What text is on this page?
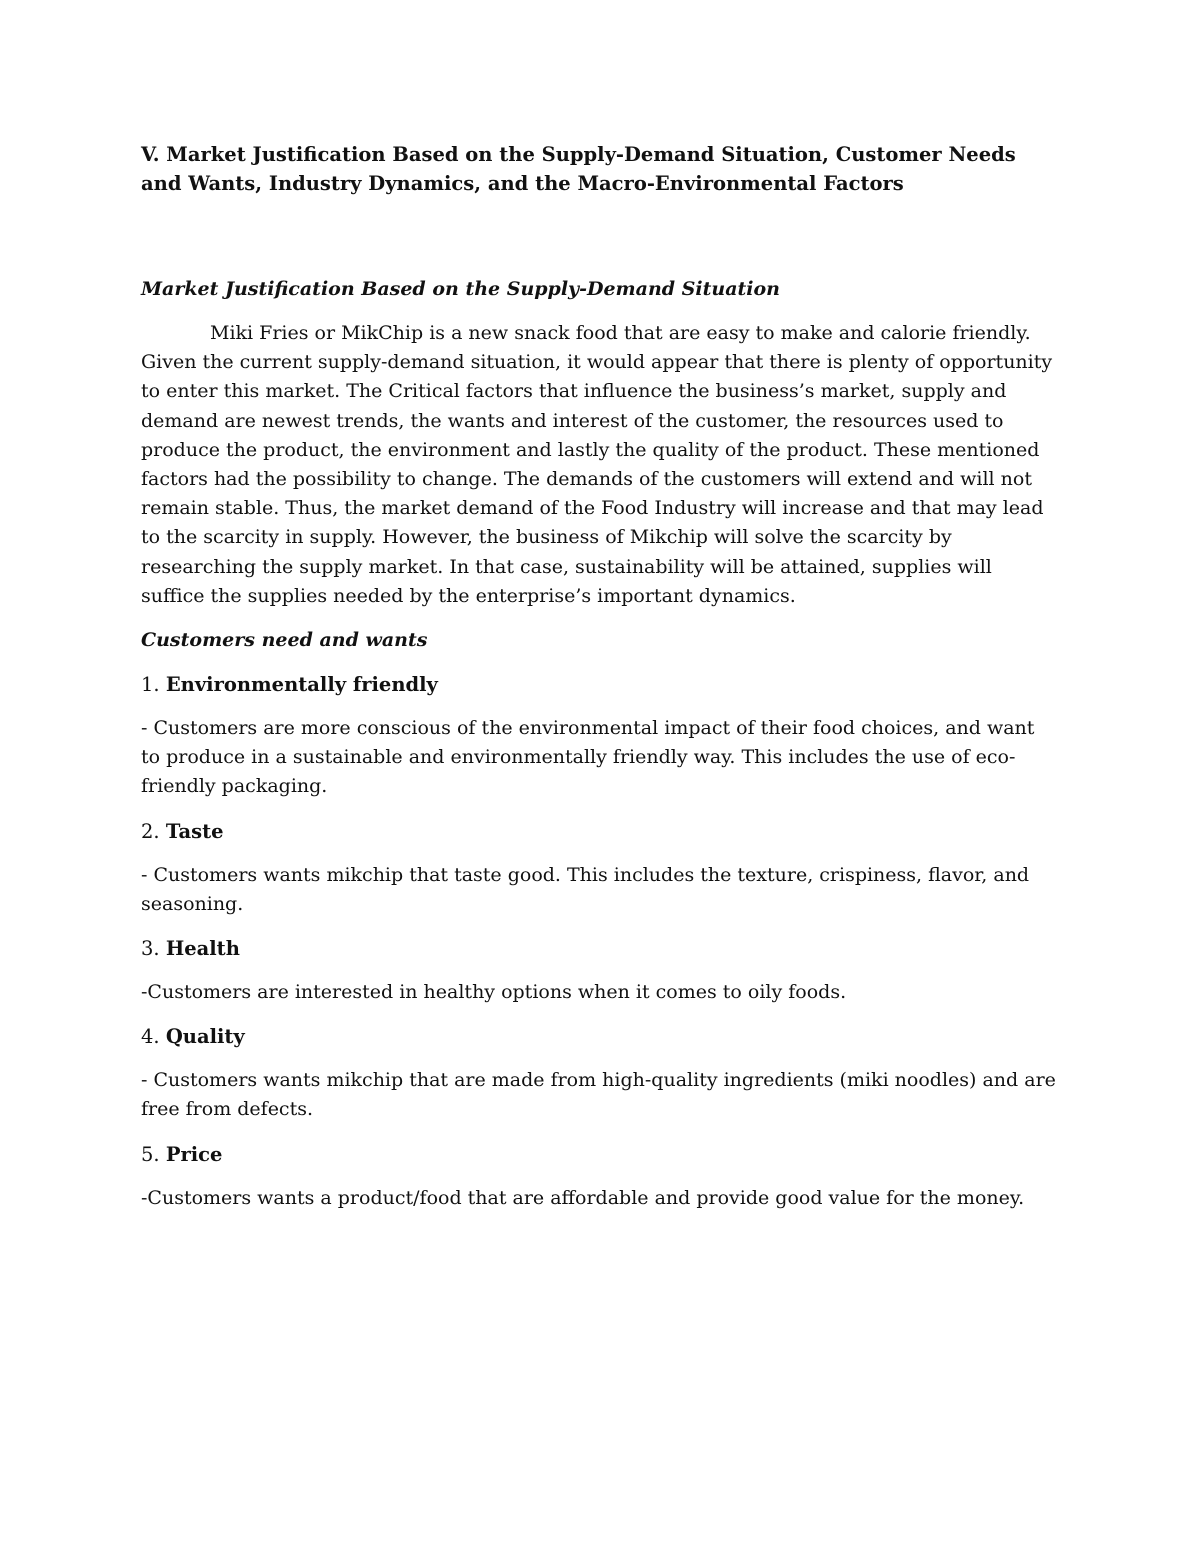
V. Market Justification Based on the Supply-Demand Situation, Customer Needs and Wants, Industry Dynamics, and the Macro-Environmental Factors

Market Justification Based on the Supply-Demand Situation

Miki Fries or MikChip is a new snack food that are easy to make and calorie friendly. Given the current supply-demand situation, it would appear that there is plenty of opportunity to enter this market. The Critical factors that influence the business’s market, supply and demand are newest trends, the wants and interest of the customer, the resources used to produce the product, the environment and lastly the quality of the product. These mentioned factors had the possibility to change. The demands of the customers will extend and will not remain stable. Thus, the market demand of the Food Industry will increase and that may lead to the scarcity in supply. However, the business of Mikchip will solve the scarcity by researching the supply market. In that case, sustainability will be attained, supplies will suffice the supplies needed by the enterprise’s important dynamics.

Customers need and wants

1. Environmentally friendly

- Customers are more conscious of the environmental impact of their food choices, and want to produce in a sustainable and environmentally friendly way. This includes the use of eco-friendly packaging.

2. Taste

- Customers wants mikchip that taste good. This includes the texture, crispiness, flavor, and seasoning.

3. Health

-Customers are interested in healthy options when it comes to oily foods.

4. Quality

- Customers wants mikchip that are made from high-quality ingredients (miki noodles) and are free from defects.

5. Price

-Customers wants a product/food that are affordable and provide good value for the money.
